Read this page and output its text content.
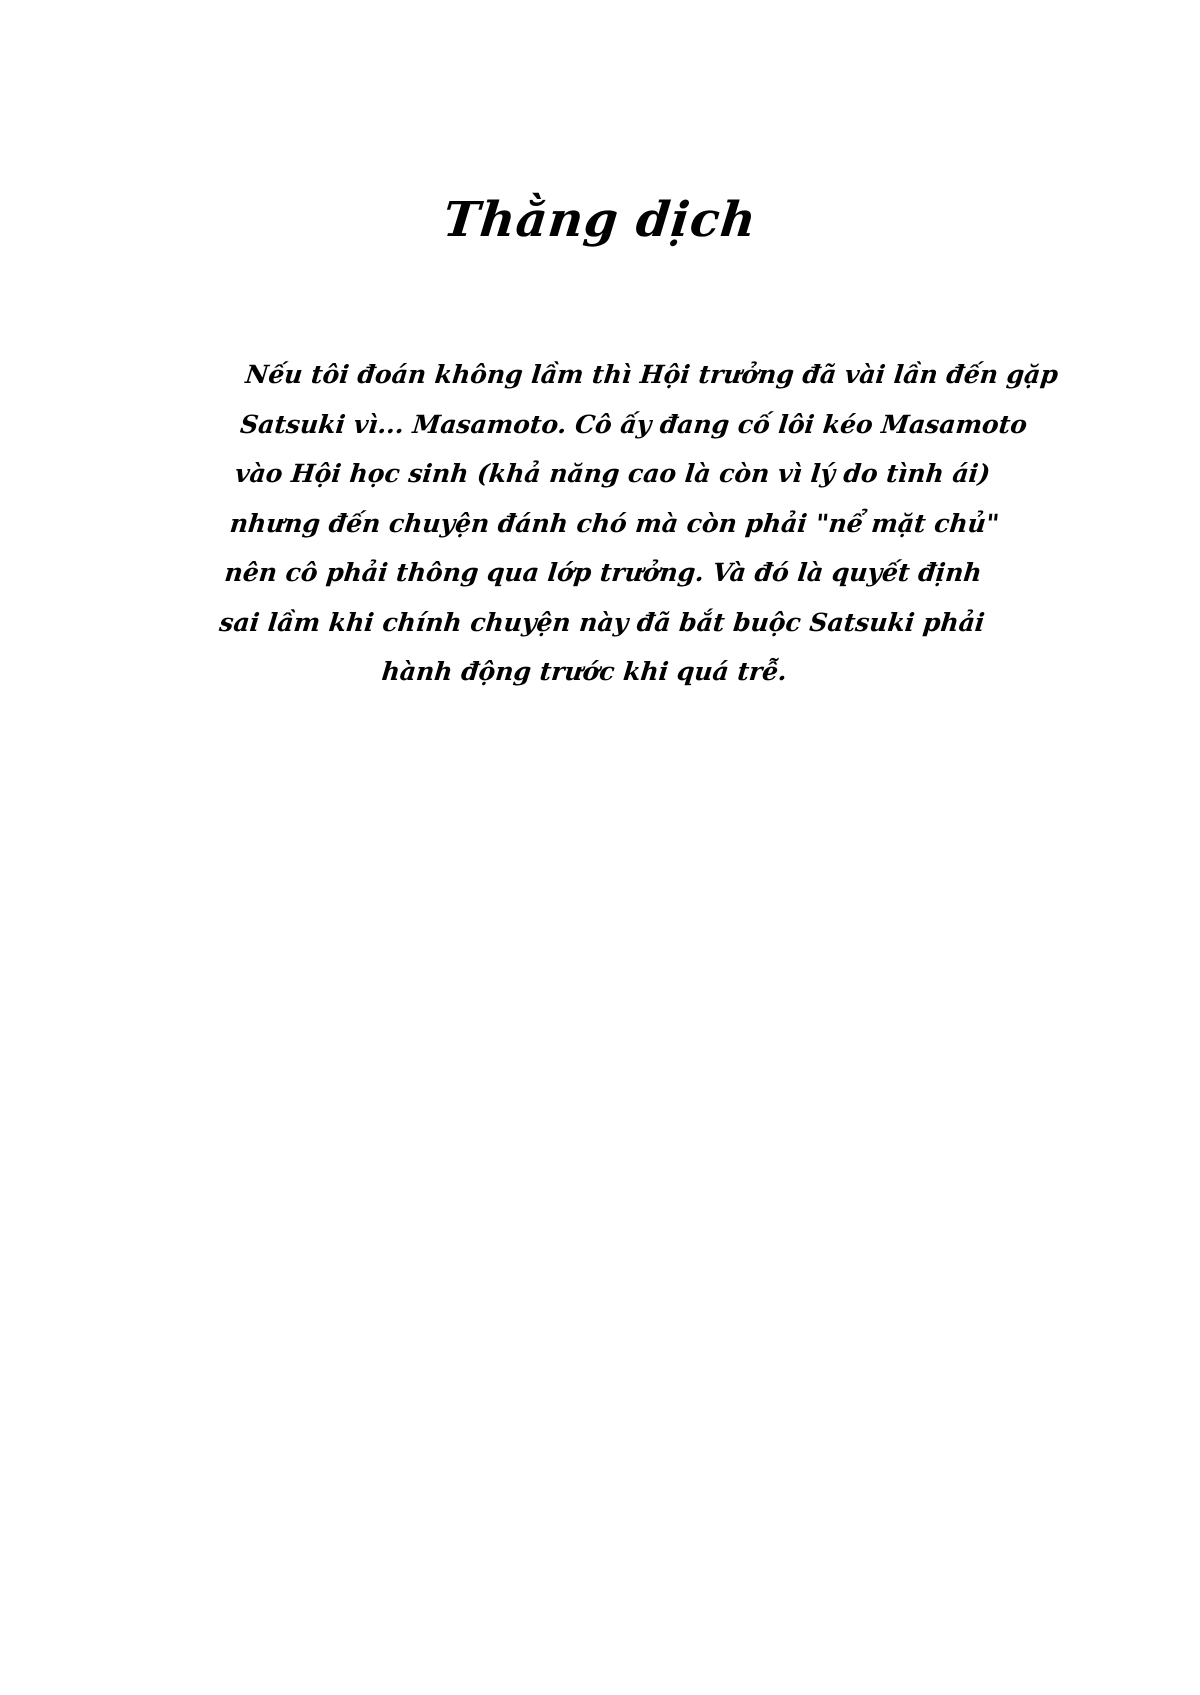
Thằng dịch
Nếu tôi đoán không lầm thì Hội trưởng đã vài lần đến gặp
Satsuki vì... Masamoto. Cô ấy đang cố lôi kéo Masamoto
vào Hội học sinh (khả năng cao là còn vì lý do tình ái)
nhưng đến chuyện đánh chó mà còn phải "nể mặt chủ"
nên cô phải thông qua lớp trưởng. Và đó là quyết định
sai lầm khi chính chuyện này đã bắt buộc Satsuki phải
hành động trước khi quá trễ.
